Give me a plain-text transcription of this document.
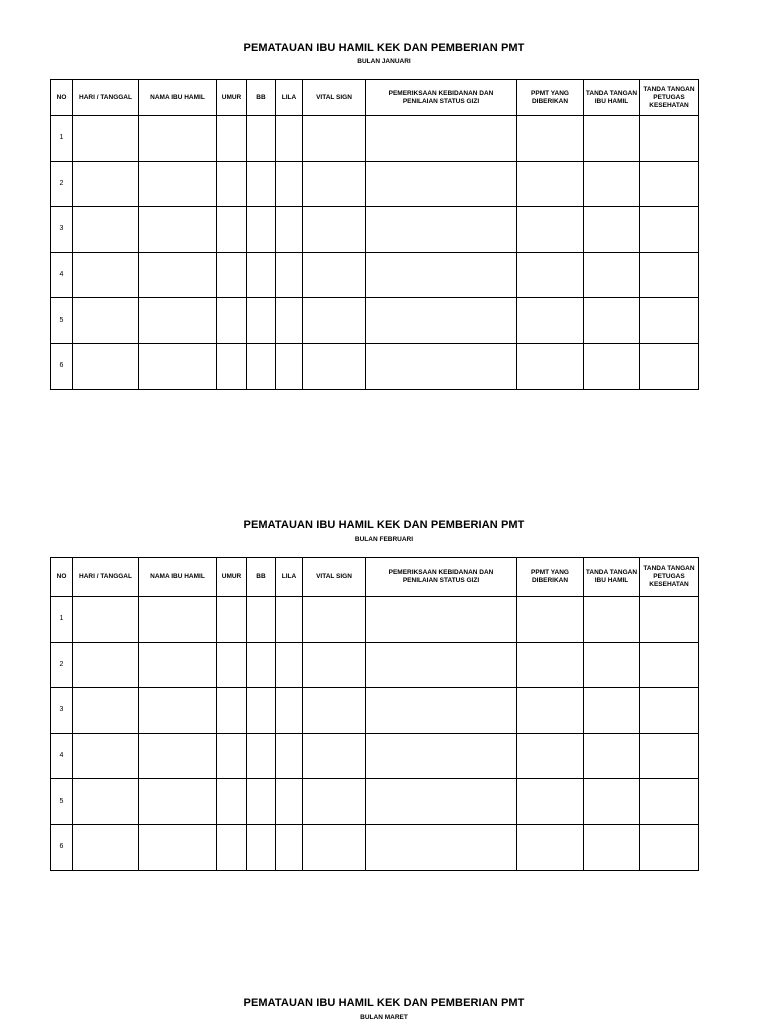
PEMATAUAN IBU HAMIL KEK DAN PEMBERIAN PMT
BULAN JANUARI
NO	HARI / TANGGAL	NAMA IBU HAMIL	UMUR	BB	LILA	VITAL SIGN	PEMERIKSAAN KEBIDANAN DAN PENILAIAN STATUS GIZI	PPMT YANG DIBERIKAN	TANDA TANGAN IBU HAMIL	TANDA TANGAN PETUGAS KESEHATAN
1										
2										
3										
4										
5										
6										
PEMATAUAN IBU HAMIL KEK DAN PEMBERIAN PMT
BULAN FEBRUARI
NO	HARI / TANGGAL	NAMA IBU HAMIL	UMUR	BB	LILA	VITAL SIGN	PEMERIKSAAN KEBIDANAN DAN PENILAIAN STATUS GIZI	PPMT YANG DIBERIKAN	TANDA TANGAN IBU HAMIL	TANDA TANGAN PETUGAS KESEHATAN
1										
2										
3										
4										
5										
6										
PEMATAUAN IBU HAMIL KEK DAN PEMBERIAN PMT
BULAN MARET
